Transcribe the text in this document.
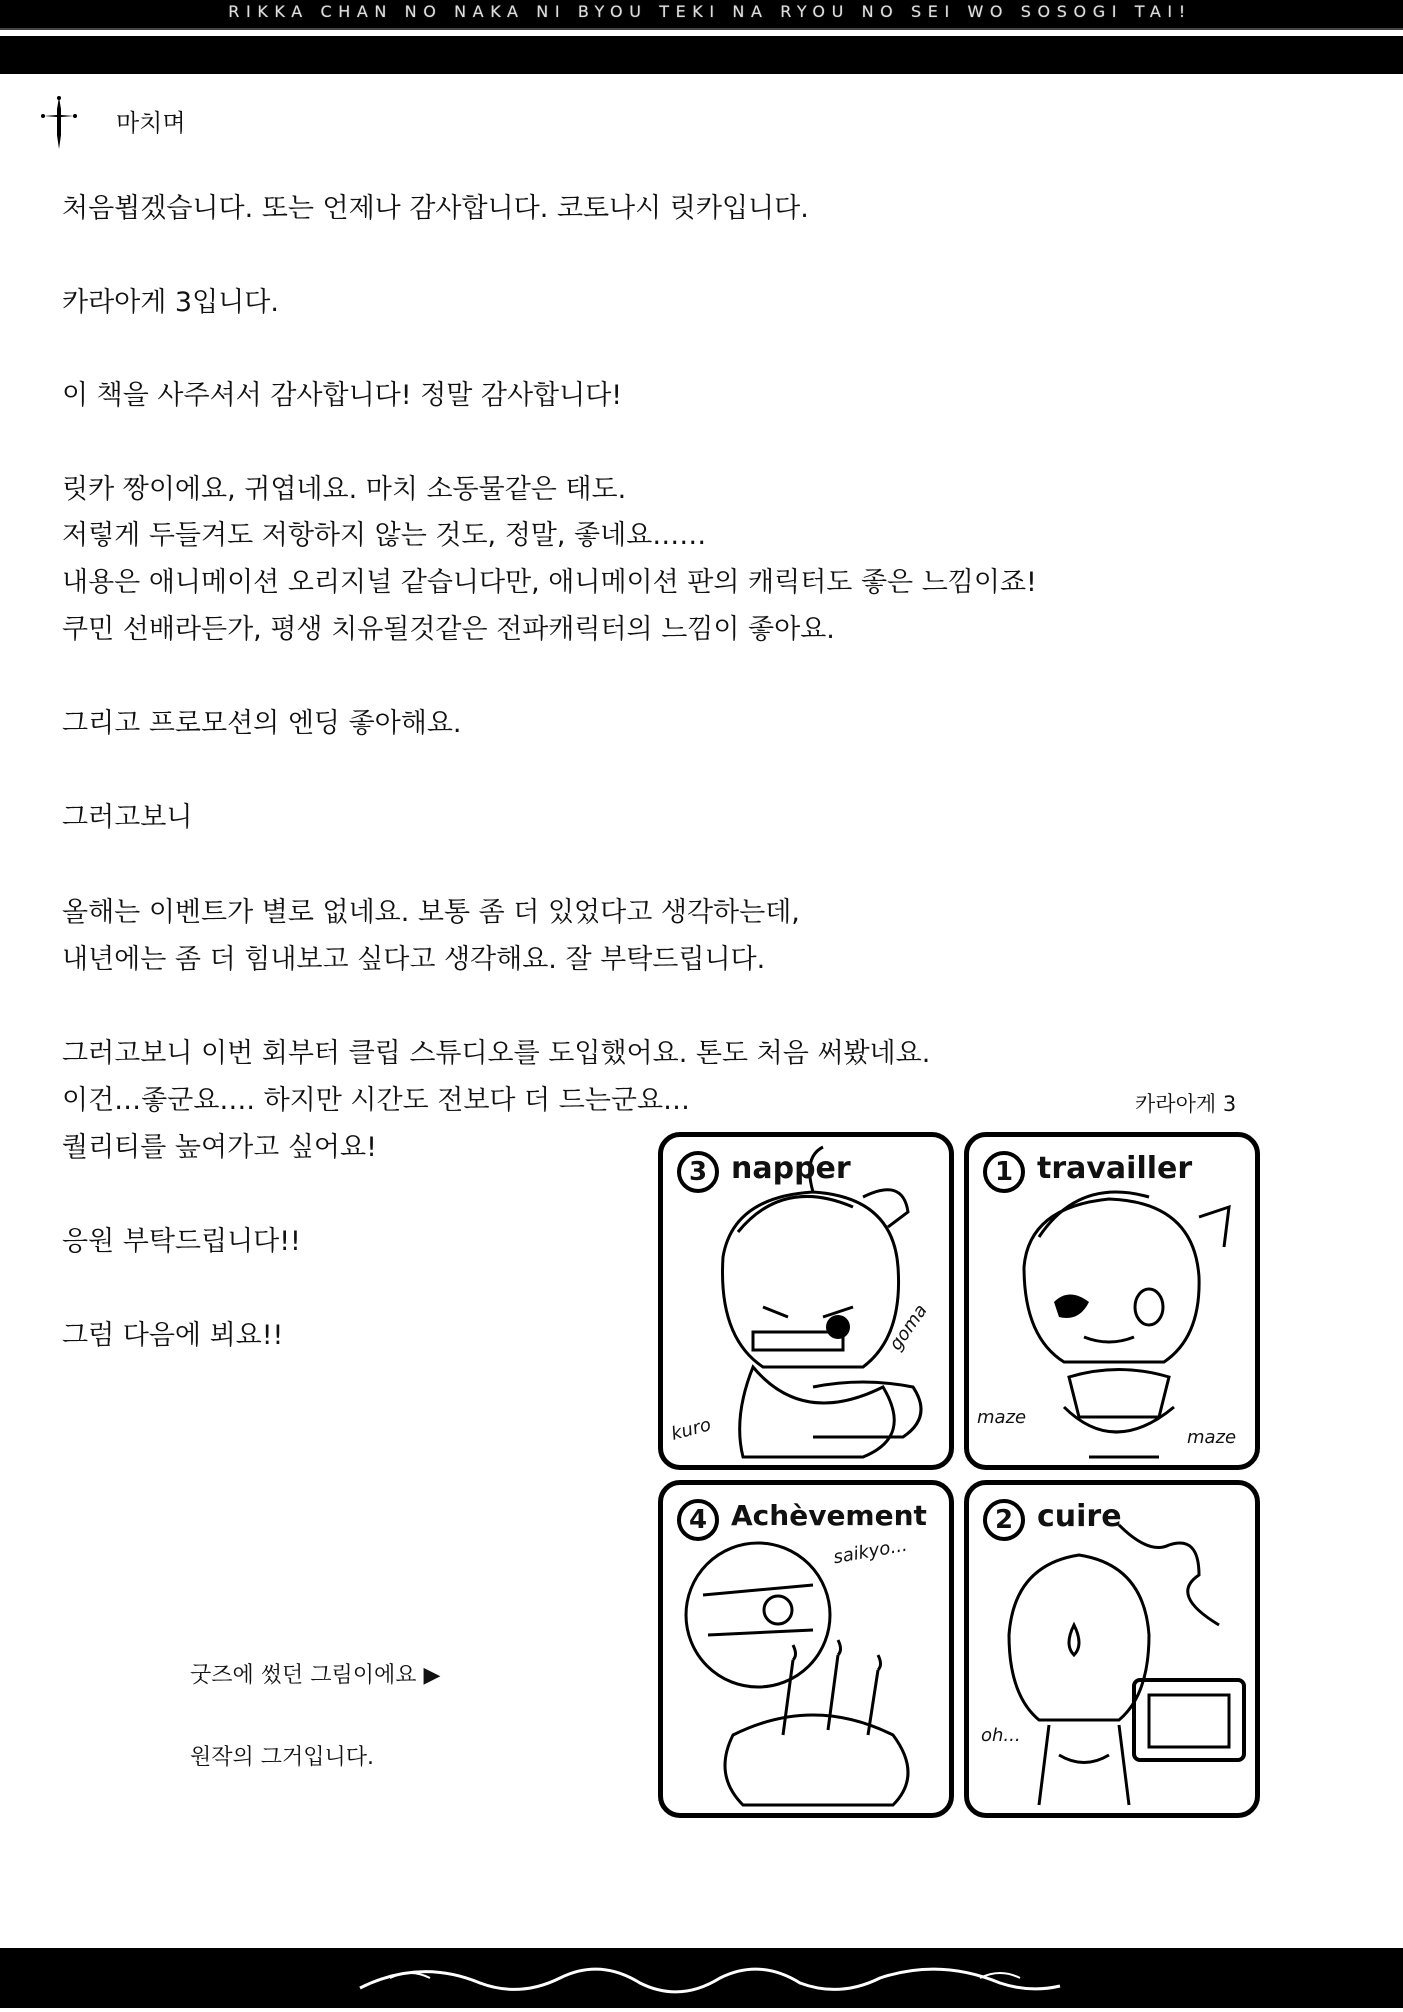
RIKKA CHAN NO NAKA NI BYOU TEKI NA RYOU NO SEI WO SOSOGI TAI!
마치며
처음뵙겠습니다. 또는 언제나 감사합니다. 코토나시 릿카입니다.
카라아게 3입니다.
이 책을 사주셔서 감사합니다! 정말 감사합니다!
릿카 짱이에요, 귀엽네요. 마치 소동물같은 태도.
저렇게 두들겨도 저항하지 않는 것도, 정말, 좋네요……
내용은 애니메이션 오리지널 같습니다만, 애니메이션 판의 캐릭터도 좋은 느낌이죠!
쿠민 선배라든가, 평생 치유될것같은 전파캐릭터의 느낌이 좋아요.
그리고 프로모션의 엔딩 좋아해요.
그러고보니
올해는 이벤트가 별로 없네요. 보통 좀 더 있었다고 생각하는데,
내년에는 좀 더 힘내보고 싶다고 생각해요. 잘 부탁드립니다.
그러고보니 이번 회부터 클립 스튜디오를 도입했어요. 톤도 처음 써봤네요.
이건…좋군요…. 하지만 시간도 전보다 더 드는군요…
퀄리티를 높여가고 싶어요!
응원 부탁드립니다!!
그럼 다음에 뵈요!!
카라아게 3
3 napper
kuro
goma
1 travailler
maze
maze
4 Achèvement
saikyo...
2 cuire
oh...
굿즈에 썼던 그림이에요 ▶
원작의 그거입니다.
